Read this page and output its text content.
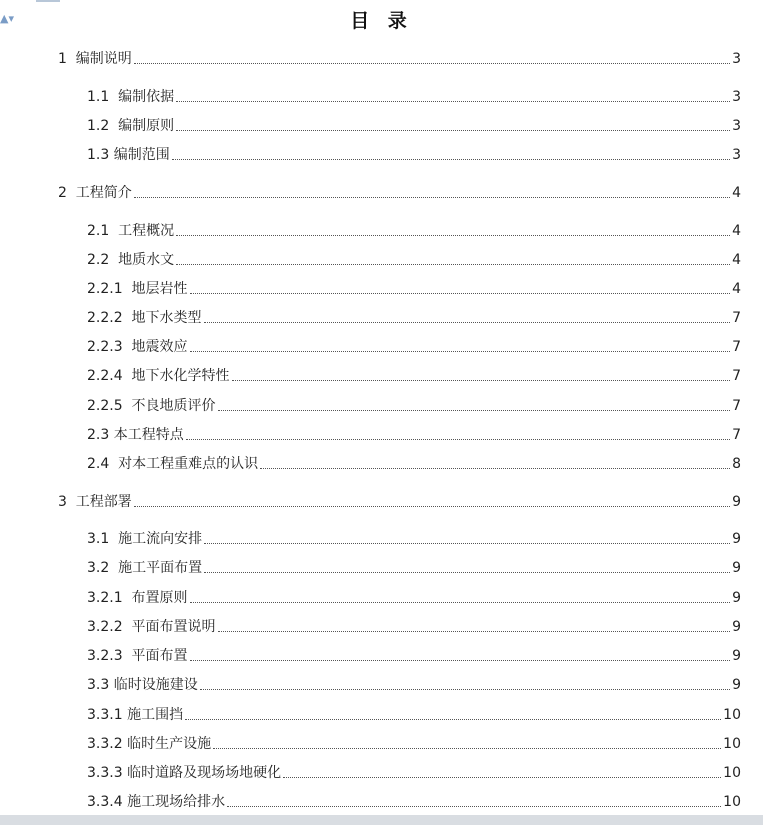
▲▾	目 录
1  编制说明	3
1.1  编制依据	3
1.2  编制原则	3
1.3 编制范围	3
2  工程简介	4
2.1  工程概况	4
2.2  地质水文	4
2.2.1  地层岩性	4
2.2.2  地下水类型	7
2.2.3  地震效应	7
2.2.4  地下水化学特性	7
2.2.5  不良地质评价	7
2.3 本工程特点	7
2.4  对本工程重难点的认识	8
3  工程部署	9
3.1  施工流向安排	9
3.2  施工平面布置	9
3.2.1  布置原则	9
3.2.2  平面布置说明	9
3.2.3  平面布置	9
3.3 临时设施建设	9
3.3.1 施工围挡	10
3.3.2 临时生产设施	10
3.3.3 临时道路及现场场地硬化	10
3.3.4 施工现场给排水	10
